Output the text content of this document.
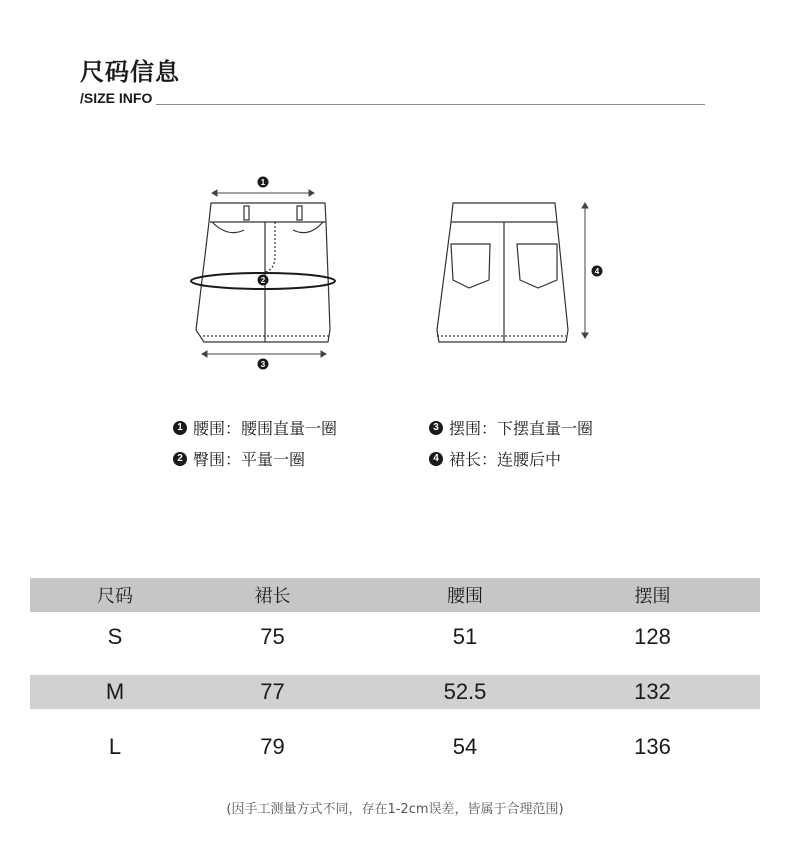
尺码信息
/SIZE INFO
1
2
3
4
1 腰围：腰围直量一圈
2 臀围：平量一圈
3 摆围：下摆直量一圈
4 裙长：连腰后中
尺码	裙长	腰围	摆围
S	75	51	128
M	77	52.5	132
L	79	54	136
(因手工测量方式不同，存在1-2cm误差，皆属于合理范围)
